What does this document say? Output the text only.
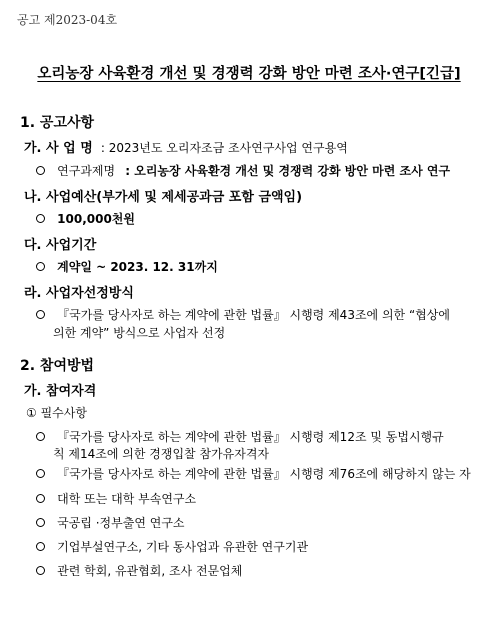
공고 제2023-04호
오리농장 사육환경 개선 및 경쟁력 강화 방안 마련 조사·연구[긴급]
1. 공고사항
가. 사 업 명 : 2023년도 오리자조금 조사연구사업 연구용역
연구과제명 : 오리농장 사육환경 개선 및 경쟁력 강화 방안 마련 조사 연구
나. 사업예산(부가세 및 제세공과금 포함 금액임)
100,000천원
다. 사업기간
계약일 ~ 2023. 12. 31까지
라. 사업자선정방식
『국가를 당사자로 하는 계약에 관한 법률』 시행령 제43조에 의한 “협상에
의한 계약” 방식으로 사업자 선정
2. 참여방법
가. 참여자격
① 필수사항
『국가를 당사자로 하는 계약에 관한 법률』 시행령 제12조 및 동법시행규
칙 제14조에 의한 경쟁입찰 참가유자격자
『국가를 당사자로 하는 계약에 관한 법률』 시행령 제76조에 해당하지 않는 자
대학 또는 대학 부속연구소
국공립 ·정부출연 연구소
기업부설연구소, 기타 동사업과 유관한 연구기관
관련 학회, 유관협회, 조사 전문업체
